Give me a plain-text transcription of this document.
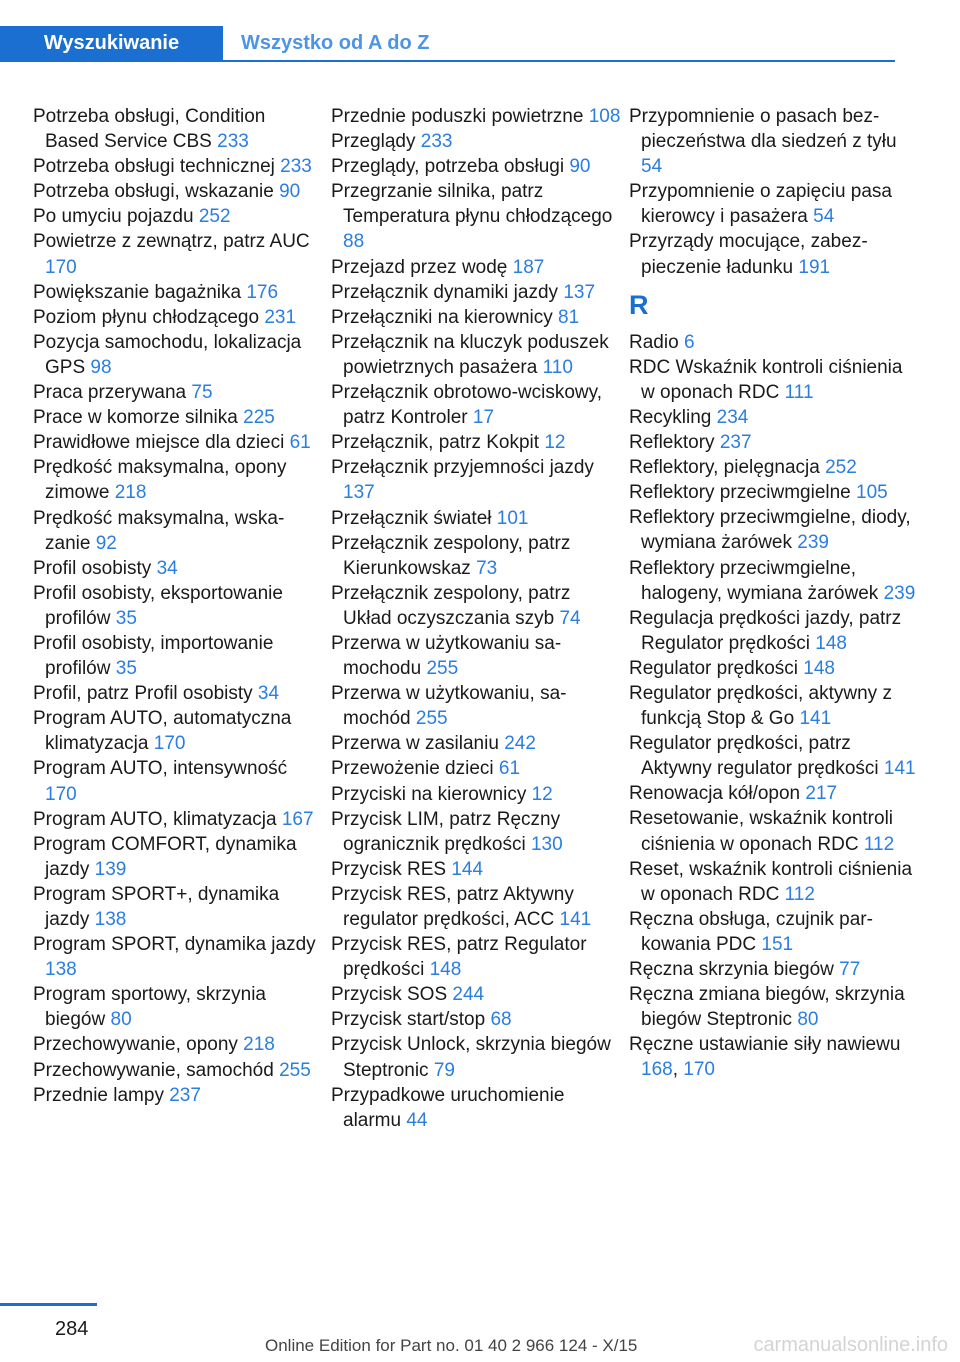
Wyszukiwanie	Wszystko od A do Z
Potrzeba obsługi, Condition Based Service CBS 233
Potrzeba obsługi technicznej 233
Potrzeba obsługi, wskazanie 90
Po umyciu pojazdu 252
Powietrze z zewnątrz, patrz AUC 170
Powiększanie bagażnika 176
Poziom płynu chłodzącego 231
Pozycja samochodu, lokalizacja GPS 98
Praca przerywana 75
Prace w komorze silnika 225
Prawidłowe miejsce dla dzieci 61
Prędkość maksymalna, opony zimowe 218
Prędkość maksymalna, wskazanie 92
Profil osobisty 34
Profil osobisty, eksportowanie profilów 35
Profil osobisty, importowanie profilów 35
Profil, patrz Profil osobisty 34
Program AUTO, automatyczna klimatyzacja 170
Program AUTO, intensywność 170
Program AUTO, klimatyzacja 167
Program COMFORT, dynamika jazdy 139
Program SPORT+, dynamika jazdy 138
Program SPORT, dynamika jazdy 138
Program sportowy, skrzynia biegów 80
Przechowywanie, opony 218
Przechowywanie, samochód 255
Przednie lampy 237
Przednie poduszki powietrzne 108
Przeglądy 233
Przeglądy, potrzeba obsługi 90
Przegrzanie silnika, patrz Temperatura płynu chłodzącego 88
Przejazd przez wodę 187
Przełącznik dynamiki jazdy 137
Przełączniki na kierownicy 81
Przełącznik na kluczyk poduszek powietrznych pasażera 110
Przełącznik obrotowo-wciskowy, patrz Kontroler 17
Przełącznik, patrz Kokpit 12
Przełącznik przyjemności jazdy 137
Przełącznik świateł 101
Przełącznik zespolony, patrz Kierunkowskaz 73
Przełącznik zespolony, patrz Układ oczyszczania szyb 74
Przerwa w użytkowaniu samochodu 255
Przerwa w użytkowaniu, samochód 255
Przerwa w zasilaniu 242
Przewożenie dzieci 61
Przyciski na kierownicy 12
Przycisk LIM, patrz Ręczny ogranicznik prędkości 130
Przycisk RES 144
Przycisk RES, patrz Aktywny regulator prędkości, ACC 141
Przycisk RES, patrz Regulator prędkości 148
Przycisk SOS 244
Przycisk start/stop 68
Przycisk Unlock, skrzynia biegów Steptronic 79
Przypadkowe uruchomienie alarmu 44
Przypomnienie o pasach bezpieczeństwa dla siedzeń z tyłu 54
Przypomnienie o zapięciu pasa kierowcy i pasażera 54
Przyrządy mocujące, zabezpieczenie ładunku 191
R
Radio 6
RDC Wskaźnik kontroli ciśnienia w oponach RDC 111
Recykling 234
Reflektory 237
Reflektory, pielęgnacja 252
Reflektory przeciwmgielne 105
Reflektory przeciwmgielne, diody, wymiana żarówek 239
Reflektory przeciwmgielne, halogeny, wymiana żarówek 239
Regulacja prędkości jazdy, patrz Regulator prędkości 148
Regulator prędkości 148
Regulator prędkości, aktywny z funkcją Stop & Go 141
Regulator prędkości, patrz Aktywny regulator prędkości 141
Renowacja kół/opon 217
Resetowanie, wskaźnik kontroli ciśnienia w oponach RDC 112
Reset, wskaźnik kontroli ciśnienia w oponach RDC 112
Ręczna obsługa, czujnik parkowania PDC 151
Ręczna skrzynia biegów 77
Ręczna zmiana biegów, skrzynia biegów Steptronic 80
Ręczne ustawianie siły nawiewu 168, 170
284
Online Edition for Part no. 01 40 2 966 124 - X/15	carmanualsonline.info
